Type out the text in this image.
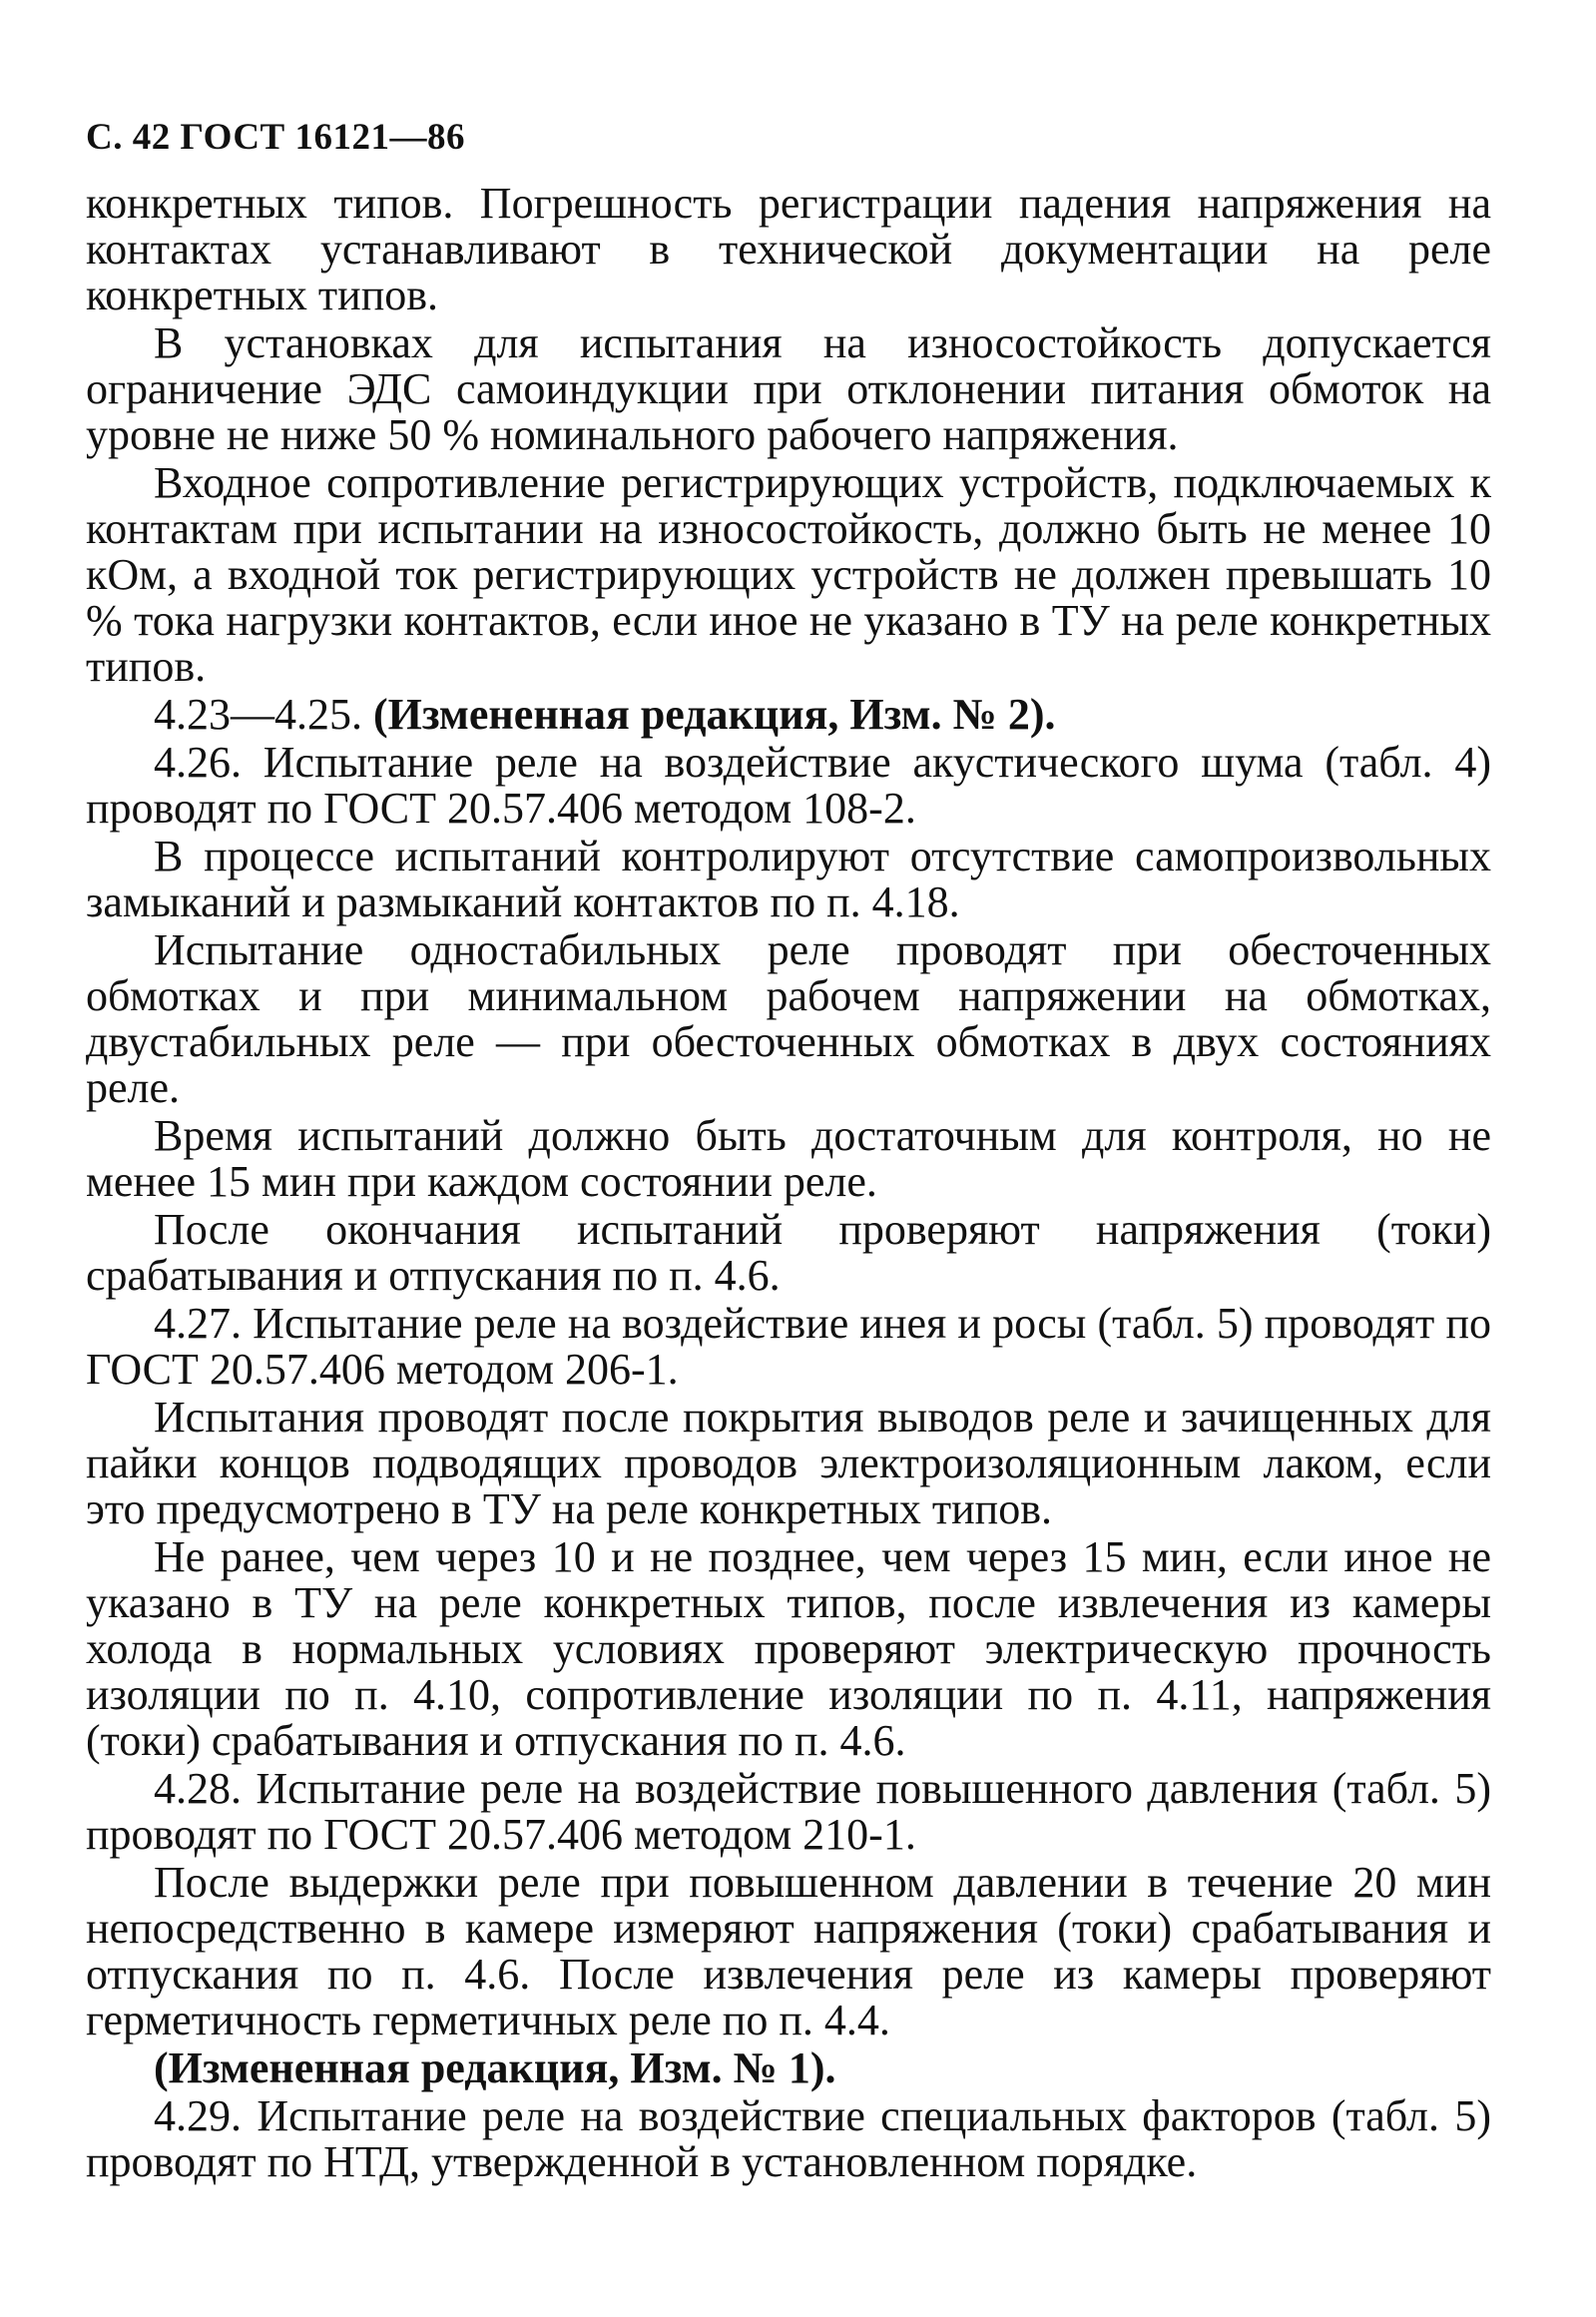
С. 42 ГОСТ 16121—86

конкретных типов. Погрешность регистрации падения напряжения на контактах устанавливают в технической документации на реле конкретных типов.

В установках для испытания на износостойкость допускается ограничение ЭДС самоиндукции при отклонении питания обмоток на уровне не ниже 50 % номинального рабочего напряжения.

Входное сопротивление регистрирующих устройств, подключаемых к контактам при испытании на износостойкость, должно быть не менее 10 кОм, а входной ток регистрирующих устройств не должен превышать 10 % тока нагрузки контактов, если иное не указано в ТУ на реле конкретных типов.

4.23—4.25. (Измененная редакция, Изм. № 2).

4.26. Испытание реле на воздействие акустического шума (табл. 4) проводят по ГОСТ 20.57.406 методом 108-2.

В процессе испытаний контролируют отсутствие самопроизвольных замыканий и размыканий контактов по п. 4.18.

Испытание одностабильных реле проводят при обесточенных обмотках и при минимальном рабочем напряжении на обмотках, двустабильных реле — при обесточенных обмотках в двух состояниях реле.

Время испытаний должно быть достаточным для контроля, но не менее 15 мин при каждом состоянии реле.

После окончания испытаний проверяют напряжения (токи) срабатывания и отпускания по п. 4.6.

4.27. Испытание реле на воздействие инея и росы (табл. 5) проводят по ГОСТ 20.57.406 методом 206-1.

Испытания проводят после покрытия выводов реле и зачищенных для пайки концов подводящих проводов электроизоляционным лаком, если это предусмотрено в ТУ на реле конкретных типов.

Не ранее, чем через 10 и не позднее, чем через 15 мин, если иное не указано в ТУ на реле конкретных типов, после извлечения из камеры холода в нормальных условиях проверяют электрическую прочность изоляции по п. 4.10, сопротивление изоляции по п. 4.11, напряжения (токи) срабатывания и отпускания по п. 4.6.

4.28. Испытание реле на воздействие повышенного давления (табл. 5) проводят по ГОСТ 20.57.406 методом 210-1.

После выдержки реле при повышенном давлении в течение 20 мин непосредственно в камере измеряют напряжения (токи) срабатывания и отпускания по п. 4.6. После извлечения реле из камеры проверяют герметичность герметичных реле по п. 4.4.

(Измененная редакция, Изм. № 1).

4.29. Испытание реле на воздействие специальных факторов (табл. 5) проводят по НТД, утвержденной в установленном порядке.
